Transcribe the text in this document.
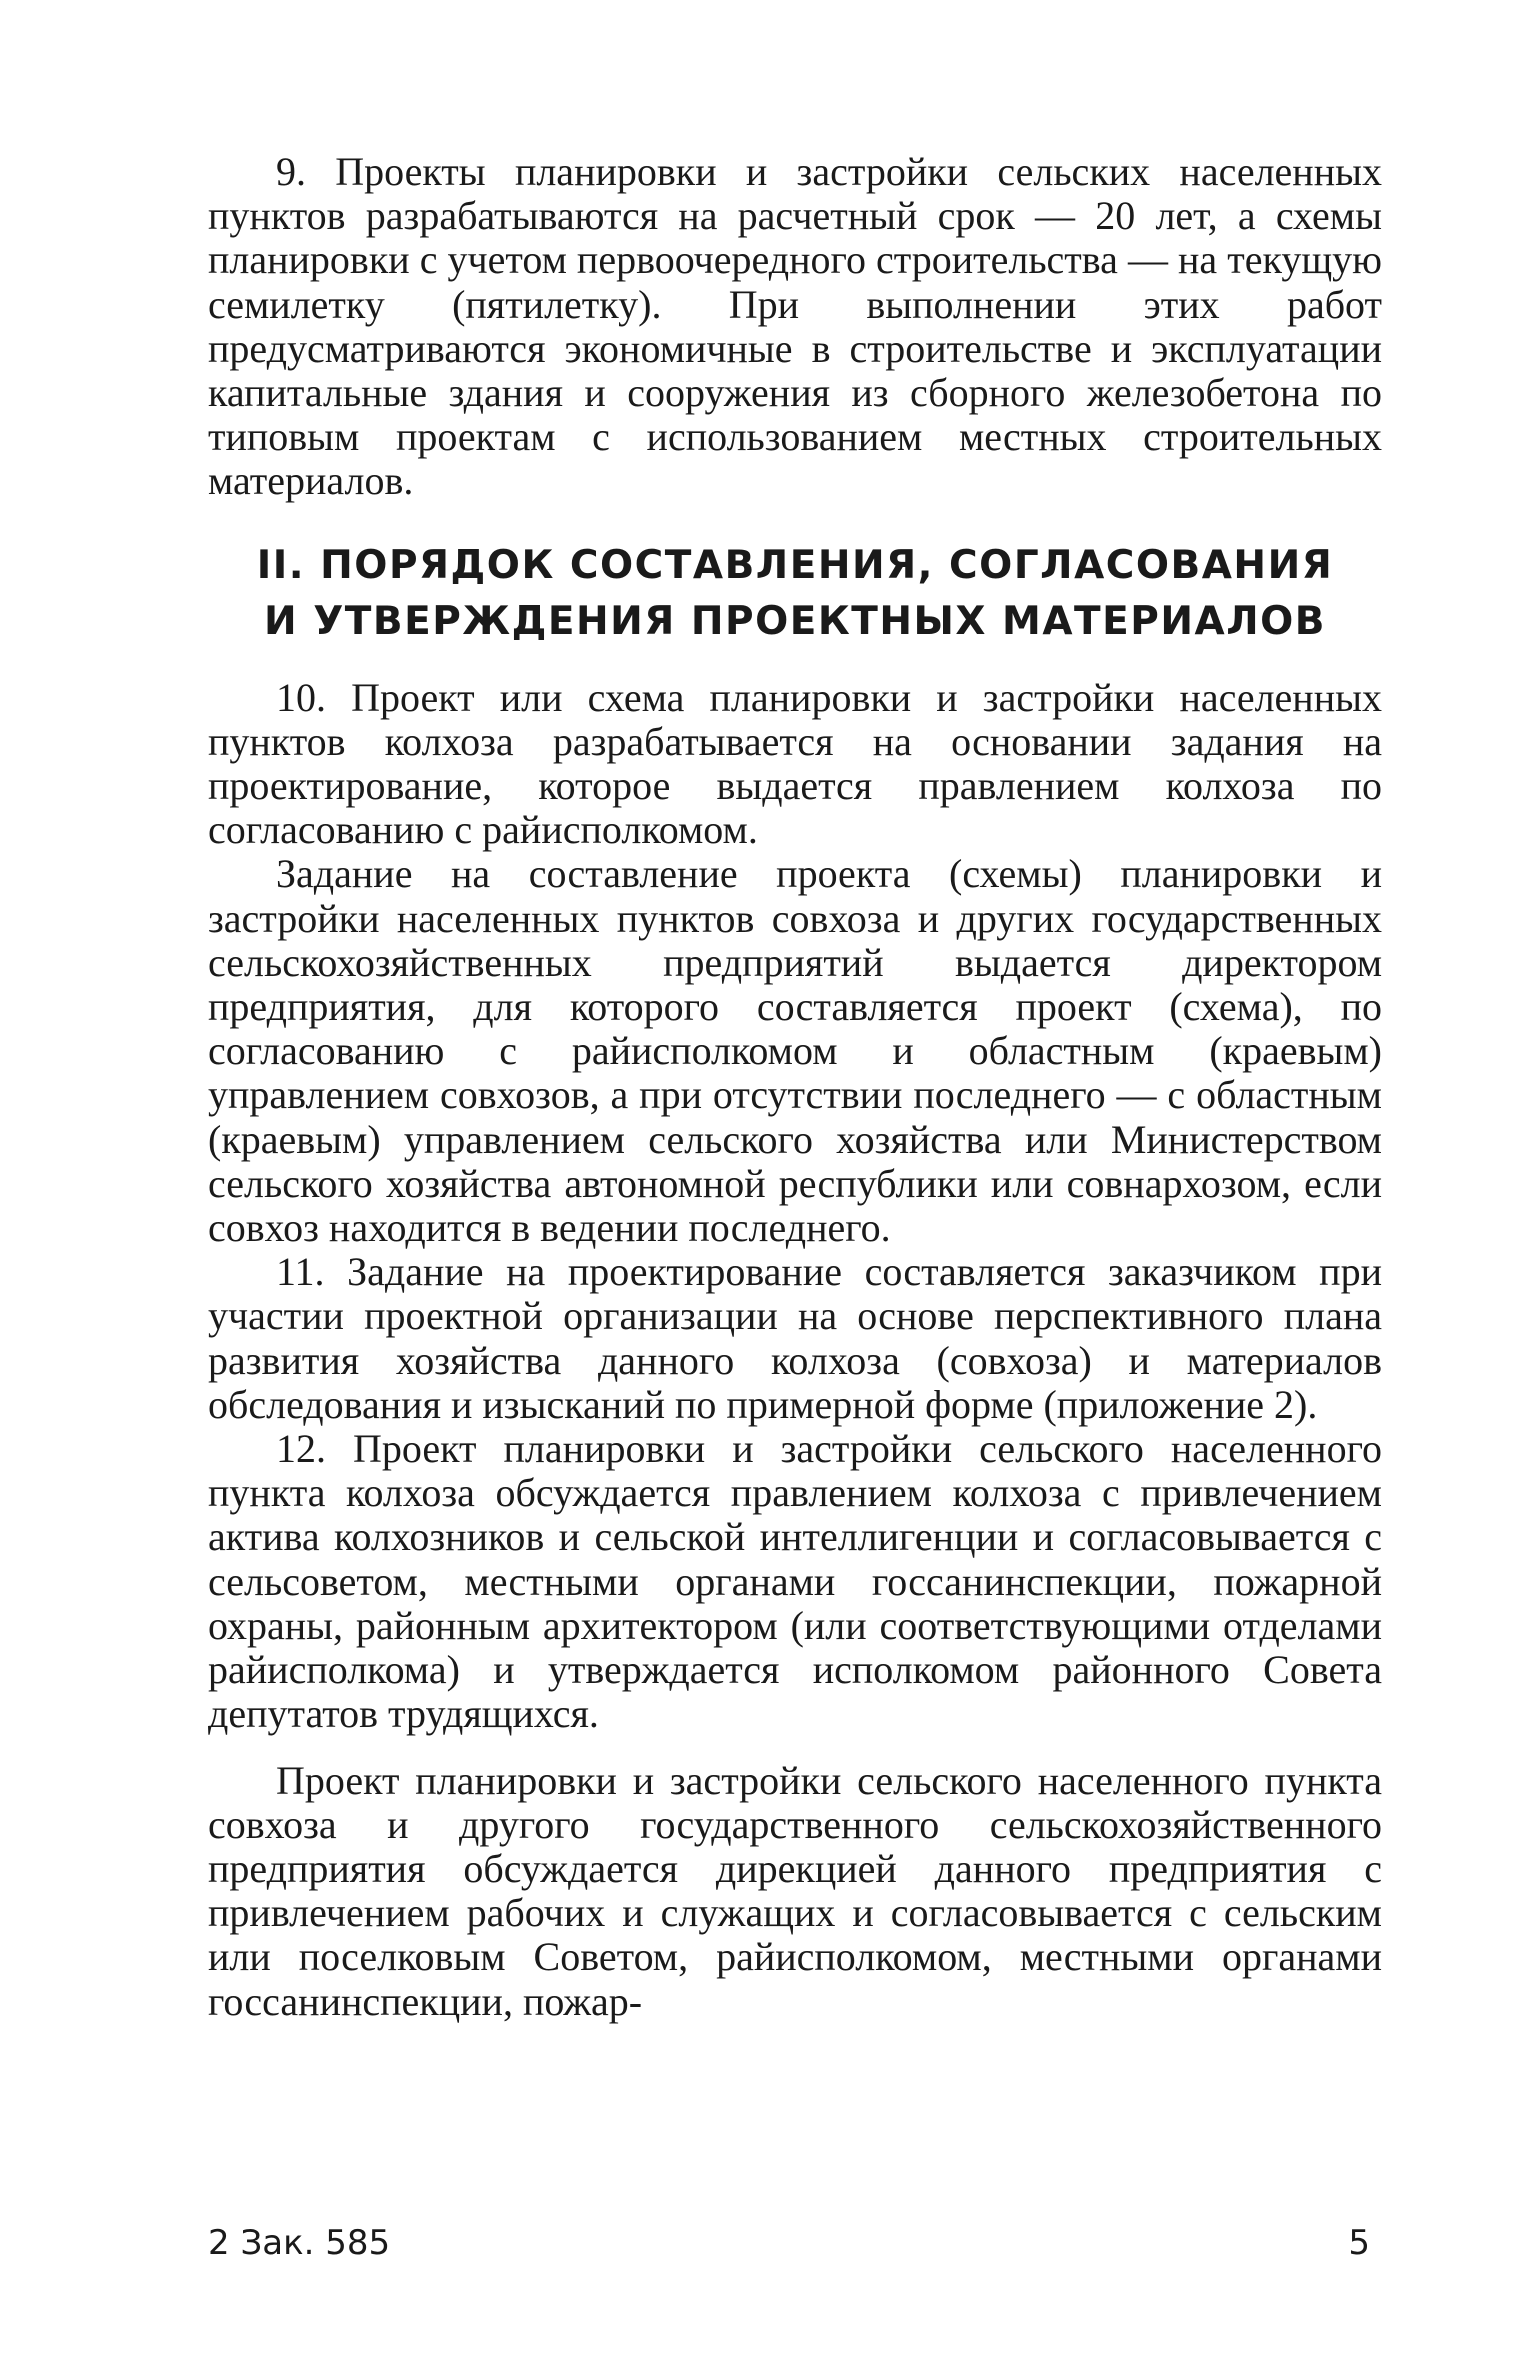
9. Проекты планировки и застройки сельских населенных пунктов разрабатываются на расчетный срок — 20 лет, а схемы планировки с учетом первоочередного строительства — на текущую семилетку (пятилетку). При выполнении этих работ предусматриваются экономичные в строительстве и эксплуатации капитальные здания и сооружения из сборного железобетона по типовым проектам с использованием местных строительных материалов.

II. ПОРЯДОК СОСТАВЛЕНИЯ, СОГЛАСОВАНИЯ
И УТВЕРЖДЕНИЯ ПРОЕКТНЫХ МАТЕРИАЛОВ

10. Проект или схема планировки и застройки населенных пунктов колхоза разрабатывается на основании задания на проектирование, которое выдается правлением колхоза по согласованию с райисполкомом.

Задание на составление проекта (схемы) планировки и застройки населенных пунктов совхоза и других государственных сельскохозяйственных предприятий выдается директором предприятия, для которого составляется проект (схема), по согласованию с райисполкомом и областным (краевым) управлением совхозов, а при отсутствии последнего — с областным (краевым) управлением сельского хозяйства или Министерством сельского хозяйства автономной республики или совнархозом, если совхоз находится в ведении последнего.

11. Задание на проектирование составляется заказчиком при участии проектной организации на основе перспективного плана развития хозяйства данного колхоза (совхоза) и материалов обследования и изысканий по примерной форме (приложение 2).

12. Проект планировки и застройки сельского населенного пункта колхоза обсуждается правлением колхоза с привлечением актива колхозников и сельской интеллигенции и согласовывается с сельсоветом, местными органами госсанинспекции, пожарной охраны, районным архитектором (или соответствующими отделами райисполкома) и утверждается исполкомом районного Совета депутатов трудящихся.

Проект планировки и застройки сельского населенного пункта совхоза и другого государственного сельскохозяйственного предприятия обсуждается дирекцией данного предприятия с привлечением рабочих и служащих и согласовывается с сельским или поселковым Советом, райисполкомом, местными органами госсанинспекции, пожар-

2 Зак. 585	5
